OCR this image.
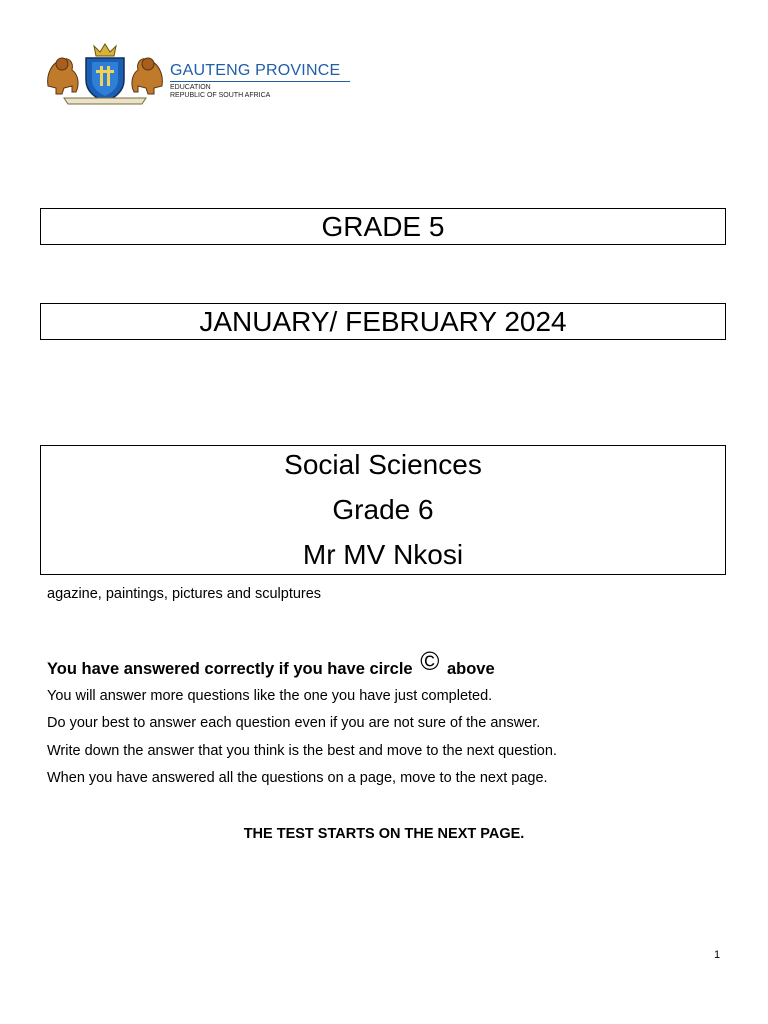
GAUTENG PROVINCE
EDUCATION
REPUBLIC OF SOUTH AFRICA
GRADE 5
JANUARY/ FEBRUARY 2024
Social Sciences
Grade 6
Mr MV Nkosi
agazine, paintings, pictures and sculptures
You have answered correctly if you have circle © above
You will answer more questions like the one you have just completed.
Do your best to answer each question even if you are not sure of the answer.
Write down the answer that you think is the best and move to the next question.
When you have answered all the questions on a page, move to the next page.
THE TEST STARTS ON THE NEXT PAGE.
1
